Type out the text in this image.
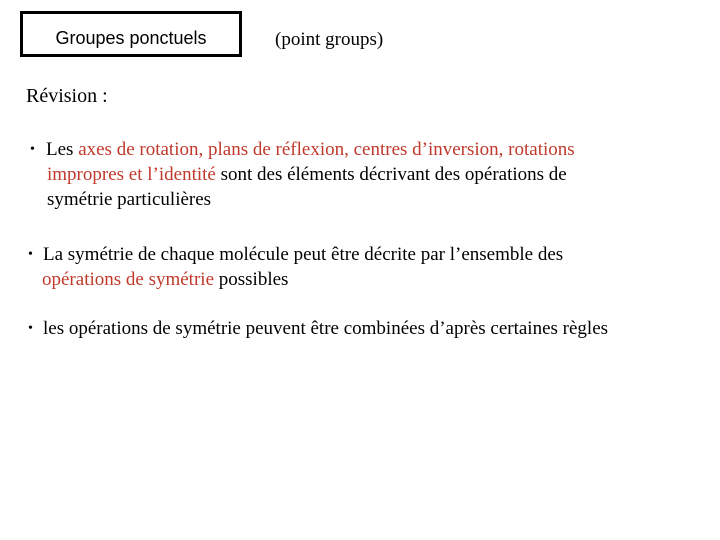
Groupes ponctuels	(point groups)
Révision :
• Les axes de rotation, plans de réflexion, centres d’inversion, rotations
impropres et l’identité sont des éléments décrivant des opérations de
symétrie particulières
• La symétrie de chaque molécule peut être décrite par l’ensemble des
opérations de symétrie possibles
• les opérations de symétrie peuvent être combinées d’après certaines règles
